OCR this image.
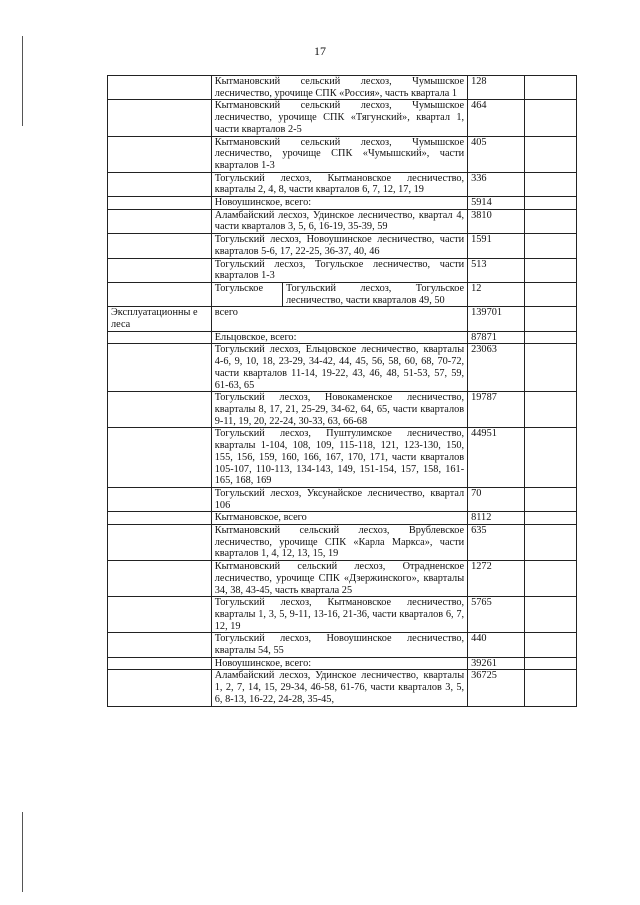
17
	Кытмановский сельский лесхоз, Чумышское лесничество, урочище СПК «Россия», часть квартала 1		128	
	Кытмановский сельский лесхоз, Чумышское лесничество, урочище СПК «Тягунский», квартал 1, части кварталов 2-5		464	
	Кытмановский сельский лесхоз, Чумышское лесничество, урочище СПК «Чумышский», части кварталов 1-3		405	
	Тогульский лесхоз, Кытмановское лесничество, кварталы 2, 4, 8, части кварталов 6, 7, 12, 17, 19		336	
	Новоушинское, всего:		5914	
	Аламбайский лесхоз, Удинское лесничество, квартал 4, части кварталов 3, 5, 6, 16-19, 35-39, 59		3810	
	Тогульский лесхоз, Новоушинское лесничество, части кварталов 5-6, 17, 22-25, 36-37, 40, 46		1591	
	Тогульский лесхоз, Тогульское лесничество, части кварталов 1-3		513	
	Тогульское	Тогульский лесхоз, Тогульское лесничество, части кварталов 49, 50	12	
Эксплуатационны е леса	всего		139701	
	Ельцовское, всего:		87871	
	Тогульский лесхоз, Ельцовское лесничество, кварталы 4-6, 9, 10, 18, 23-29, 34-42, 44, 45, 56, 58, 60, 68, 70-72, части кварталов 11-14, 19-22, 43, 46, 48, 51-53, 57, 59, 61-63, 65		23063	
	Тогульский лесхоз, Новокаменское лесничество, кварталы 8, 17, 21, 25-29, 34-62, 64, 65, части кварталов 9-11, 19, 20, 22-24, 30-33, 63, 66-68		19787	
	Тогульский лесхоз, Пуштулимское лесничество, кварталы 1-104, 108, 109, 115-118, 121, 123-130, 150, 155, 156, 159, 160, 166, 167, 170, 171, части кварталов 105-107, 110-113, 134-143, 149, 151-154, 157, 158, 161-165, 168, 169		44951	
	Тогульский лесхоз, Уксунайское лесничество, квартал 106		70	
	Кытмановское, всего		8112	
	Кытмановский сельский лесхоз, Врублевское лесничество, урочище СПК «Карла Маркса», части кварталов 1, 4, 12, 13, 15, 19		635	
	Кытмановский сельский лесхоз, Отрадненское лесничество, урочище СПК «Дзержинского», кварталы 34, 38, 43-45, часть квартала 25		1272	
	Тогульский лесхоз, Кытмановское лесничество, кварталы 1, 3, 5, 9-11, 13-16, 21-36, части кварталов 6, 7, 12, 19		5765	
	Тогульский лесхоз, Новоушинское лесничество, кварталы 54, 55		440	
	Новоушинское, всего:		39261	
	Аламбайский лесхоз, Удинское лесничество, кварталы 1, 2, 7, 14, 15, 29-34, 46-58, 61-76, части кварталов 3, 5, 6, 8-13, 16-22, 24-28, 35-45,		36725	
